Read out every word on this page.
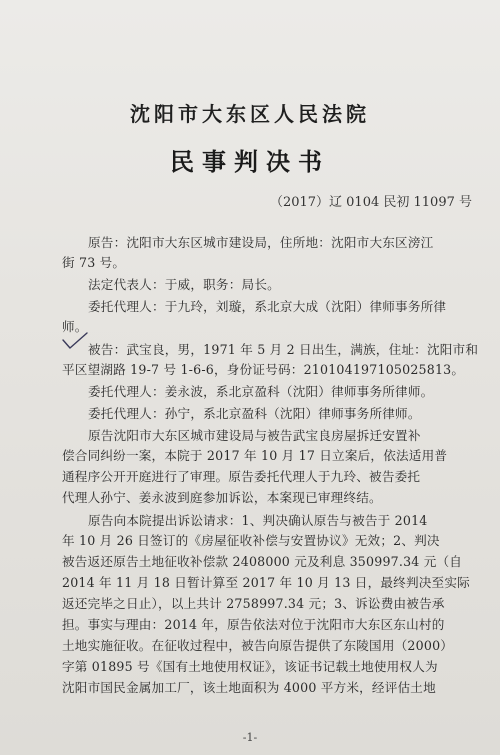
沈阳市大东区人民法院
民事判决书
（2017）辽 0104 民初 11097 号
原告：沈阳市大东区城市建设局，住所地：沈阳市大东区滂江
街 73 号。
法定代表人：于威，职务：局长。
委托代理人：于九玲，刘璇，系北京大成（沈阳）律师事务所律
师。
被告：武宝良，男，1971 年 5 月 2 日出生，满族，住址：沈阳市和
平区望湖路 19-7 号 1-6-6，身份证号码：210104197105025813。
委托代理人：姜永波，系北京盈科（沈阳）律师事务所律师。
委托代理人：孙宁，系北京盈科（沈阳）律师事务所律师。
原告沈阳市大东区城市建设局与被告武宝良房屋拆迁安置补
偿合同纠纷一案，本院于 2017 年 10 月 17 日立案后，依法适用普
通程序公开开庭进行了审理。原告委托代理人于九玲、被告委托
代理人孙宁、姜永波到庭参加诉讼，本案现已审理终结。
原告向本院提出诉讼请求：1、判决确认原告与被告于 2014
年 10 月 26 日签订的《房屋征收补偿与安置协议》无效；2、判决
被告返还原告土地征收补偿款 2408000 元及利息 350997.34 元（自
2014 年 11 月 18 日暂计算至 2017 年 10 月 13 日，最终判决至实际
返还完毕之日止），以上共计 2758997.34 元；3、诉讼费由被告承
担。事实与理由：2014 年，原告依法对位于沈阳市大东区东山村的
土地实施征收。在征收过程中，被告向原告提供了东陵国用（2000）
字第 01895 号《国有土地使用权证》，该证书记载土地使用权人为
沈阳市国民金属加工厂，该土地面积为 4000 平方米，经评估土地
-1-
